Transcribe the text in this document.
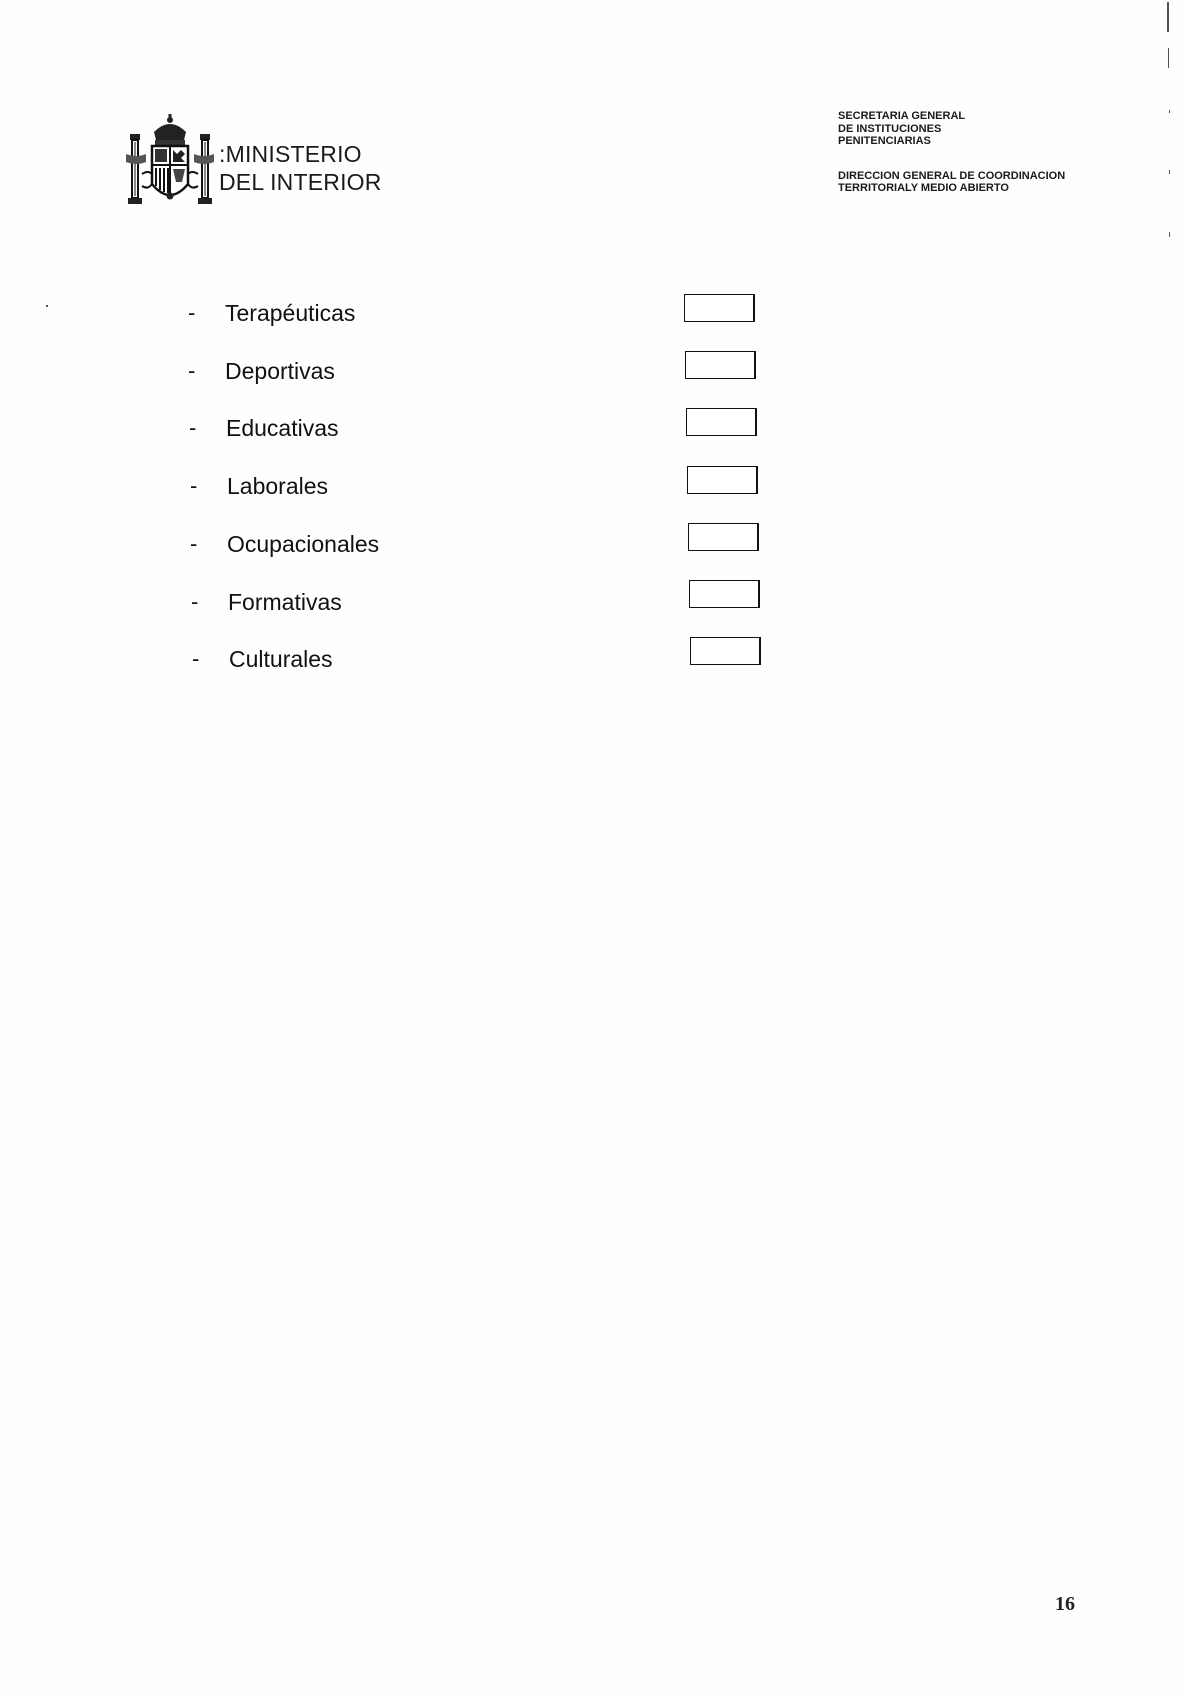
:MINISTERIO
DEL INTERIOR
SECRETARIA GENERAL
DE INSTITUCIONES
PENITENCIARIAS
DIRECCION GENERAL DE COORDINACION
TERRITORIALY MEDIO ABIERTO
- Terapéuticas
- Deportivas
- Educativas
- Laborales
- Ocupacionales
- Formativas
- Culturales
16
